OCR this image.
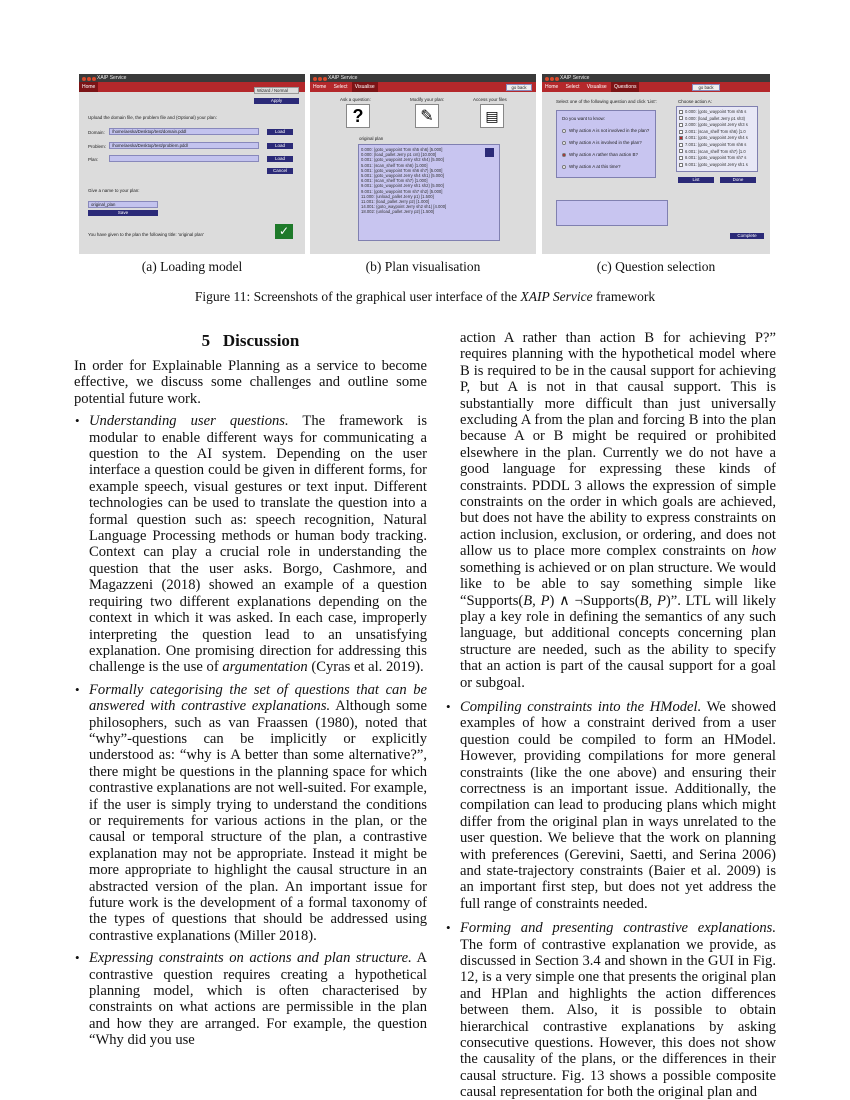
XAIP Service
Home
Wizard / Normal
Apply
Upload the domain file, the problem file and (Optional) your plan:
Domain:	/home/aeska/Desktop/test/domain.pddl	Load
Problem:	/home/aeska/Desktop/test/problem.pddl	Load
Plan:	Load
Cancel
Give a name to your plan:
original_plan
Save
You have given to the plan the following title: 'original plan'	✓
XAIP Service
Home Select Visualise	go back
Ask a question:	Modify your plan:	Access your files
?	✎	▤
original plan
0.000: (goto_waypoint Tom sh5 sh6) [5.000]
0.000: (load_pallet Jerry p1 cnt) [10.000]
0.001: (goto_waypoint Jerry sh2 sh4) [5.000]
5.001: (scan_shelf Tom sh6) [1.000]
5.001: (goto_waypoint Tom sh6 sh7) [5.000]
5.001: (goto_waypoint Jerry sh4 sh1) [5.000]
6.001: (scan_shelf Tom sh7) [1.000]
9.001: (goto_waypoint Jerry sh1 sh2) [5.000]
9.001: (goto_waypoint Tom sh7 sh2) [5.000]
11.000: (unload_pallet Jerry p1) [1.500]
11.001: (load_pallet Jerry p2) [1.000]
14.001: (goto_waypoint Jerry sh2 sh1) [4.000]
18.002: (unload_pallet Jerry p2) [1.500]
XAIP Service
Home Select Visualise Questions	go back
Select one of the following question and click 'List':	Choose action A:
Do you want to know:
Why action A is not involved in the plan?
Why action A is involved in the plan?
Why action A rather than action B?
Why action A at this time?
0.000: (goto_waypoint Tom sh5 s
0.000: (load_pallet Jerry p1 sh3)
2.000: (goto_waypoint Jerry sh3 s
2.001: (scan_shelf Tom sh6) [1.0
4.001: (goto_waypoint Jerry sh4 s
7.001: (goto_waypoint Tom sh6 s
6.001: (scan_shelf Tom sh7) [1.0
8.001: (goto_waypoint Tom sh7 s
9.001: (goto_waypoint Jerry sh1 s
List	Done
Complete
(a) Loading model	(b) Plan visualisation	(c) Question selection
Figure 11: Screenshots of the graphical user interface of the XAIP Service framework
5 Discussion

In order for Explainable Planning as a service to become effective, we discuss some challenges and outline some potential future work.

• Understanding user questions. The framework is modular to enable different ways for communicating a question to the AI system. Depending on the user interface a question could be given in different forms, for example speech, visual gestures or text input. Different technologies can be used to translate the question into a formal question such as: speech recognition, Natural Language Processing methods or human body tracking. Context can play a crucial role in understanding the question that the user asks. Borgo, Cashmore, and Magazzeni (2018) showed an example of a question requiring two different explanations depending on the context in which it was asked. In each case, improperly interpreting the question lead to an unsatisfying explanation. One promising direction for addressing this challenge is the use of argumentation (Cyras et al. 2019).
• Formally categorising the set of questions that can be answered with contrastive explanations. Although some philosophers, such as van Fraassen (1980), noted that “why”-questions can be implicitly or explicitly understood as: “why is A better than some alternative?”, there might be questions in the planning space for which contrastive explanations are not well-suited. For example, if the user is simply trying to understand the conditions or requirements for various actions in the plan, or the causal or temporal structure of the plan, a contrastive explanation may not be appropriate. Instead it might be more appropriate to highlight the causal structure in an abstracted version of the plan. An important issue for future work is the development of a formal taxonomy of the types of questions that should be addressed using contrastive explanations (Miller 2018).
• Expressing constraints on actions and plan structure. A contrastive question requires creating a hypothetical planning model, which is often characterised by constraints on what actions are permissible in the plan and how they are arranged. For example, the question “Why did you use

action A rather than action B for achieving P?” requires planning with the hypothetical model where B is required to be in the causal support for achieving P, but A is not in that causal support. This is substantially more difficult than just universally excluding A from the plan and forcing B into the plan because A or B might be required or prohibited elsewhere in the plan. Currently we do not have a good language for expressing these kinds of constraints. PDDL 3 allows the expression of simple constraints on the order in which goals are achieved, but does not have the ability to express constraints on action inclusion, exclusion, or ordering, and does not allow us to place more complex constraints on how something is achieved or on plan structure. We would like to be able to say something simple like “Supports(B, P) ∧ ¬Supports(B, P)”. LTL will likely play a key role in defining the semantics of any such language, but additional concepts concerning plan structure are needed, such as the ability to specify that an action is part of the causal support for a goal or subgoal.

• Compiling constraints into the HModel. We showed examples of how a constraint derived from a user question could be compiled to form an HModel. However, providing compilations for more general constraints (like the one above) and ensuring their correctness is an important issue. Additionally, the compilation can lead to producing plans which might differ from the original plan in ways unrelated to the user question. We believe that the work on planning with preferences (Gerevini, Saetti, and Serina 2006) and state-trajectory constraints (Baier et al. 2009) is an important first step, but does not yet address the full range of constraints needed.
• Forming and presenting contrastive explanations. The form of contrastive explanation we provide, as discussed in Section 3.4 and shown in the GUI in Fig. 12, is a very simple one that presents the original plan and HPlan and highlights the action differences between them. Also, it is possible to obtain hierarchical contrastive explanations by asking consecutive questions. However, this does not show the causality of the plans, or the differences in their causal structure. Fig. 13 shows a possible composite causal representation for both the original plan and
